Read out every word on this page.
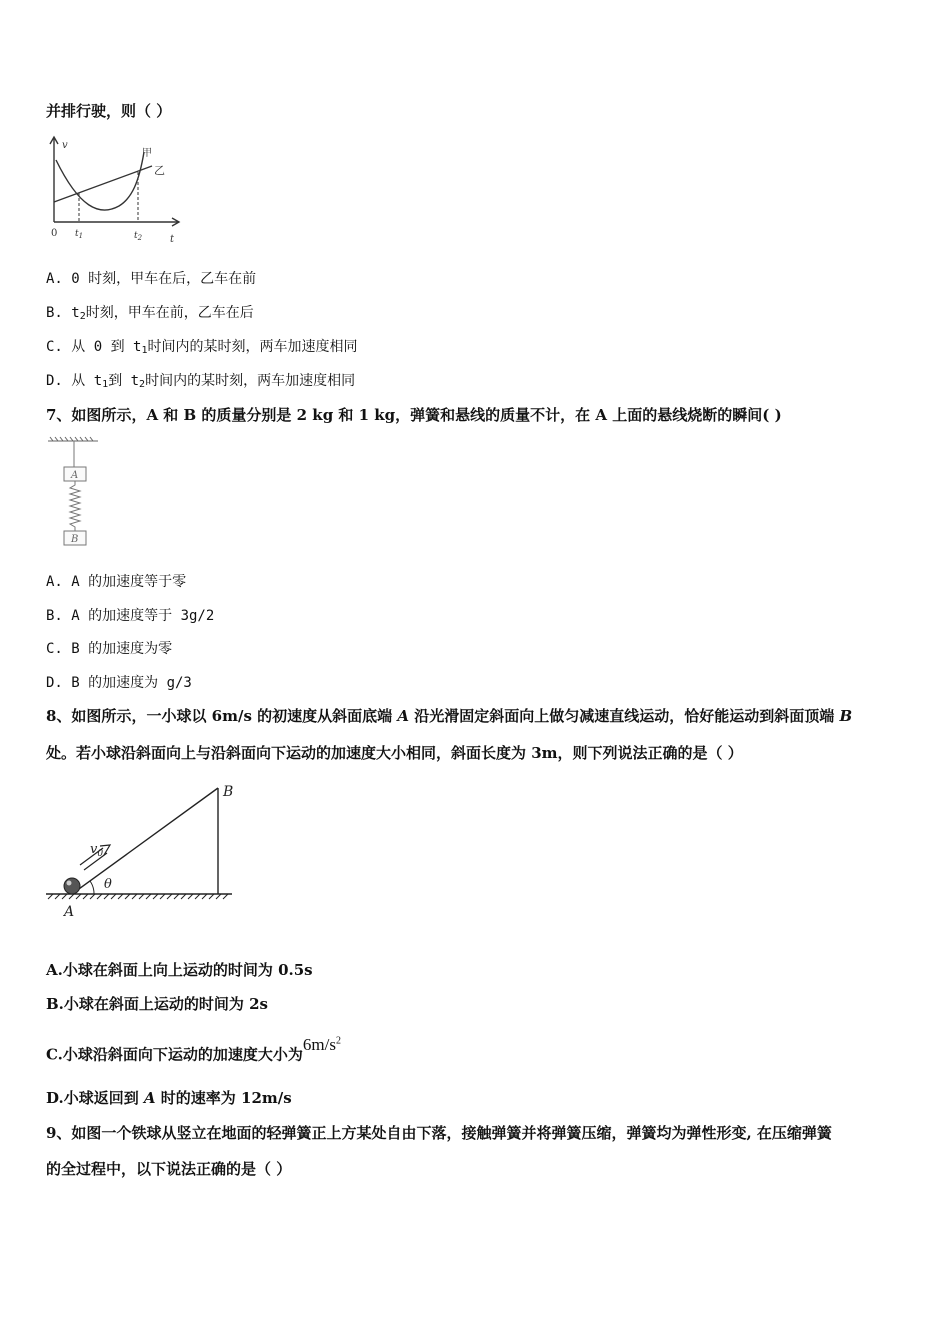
并排行驶，则（ ）
v
t
0 $t_1$	$t_2$
甲
乙
A. 0 时刻，甲车在后，乙车在前
B. $t_2$时刻，甲车在前，乙车在后
C. 从 0 到 $t_1$时间内的某时刻，两车加速度相同
D. 从 $t_1$到 $t_2$时间内的某时刻，两车加速度相同
7、如图所示，A 和 B 的质量分别是 2 kg 和 1 kg，弹簧和悬线的质量不计，在 A 上面的悬线烧断的瞬间( )
A
B
A. A 的加速度等于零
B. A 的加速度等于 3g/2
C. B 的加速度为零
D. B 的加速度为 g/3
8、如图所示，一小球以 6m/s 的初速度从斜面底端 A 沿光滑固定斜面向上做匀减速直线运动，恰好能运动到斜面顶端 B
处。若小球沿斜面向上与沿斜面向下运动的加速度大小相同，斜面长度为 3m，则下列说法正确的是（ ）
θ
$v_0$
A
B
A.小球在斜面上向上运动的时间为 0.5s
B.小球在斜面上运动的时间为 2s
C.小球沿斜面向下运动的加速度大小为$6m/s^2$
D.小球返回到 A 时的速率为 12m/s
9、如图一个铁球从竖立在地面的轻弹簧正上方某处自由下落，接触弹簧并将弹簧压缩，弹簧均为弹性形变, 在压缩弹簧
的全过程中，以下说法正确的是（ ）
